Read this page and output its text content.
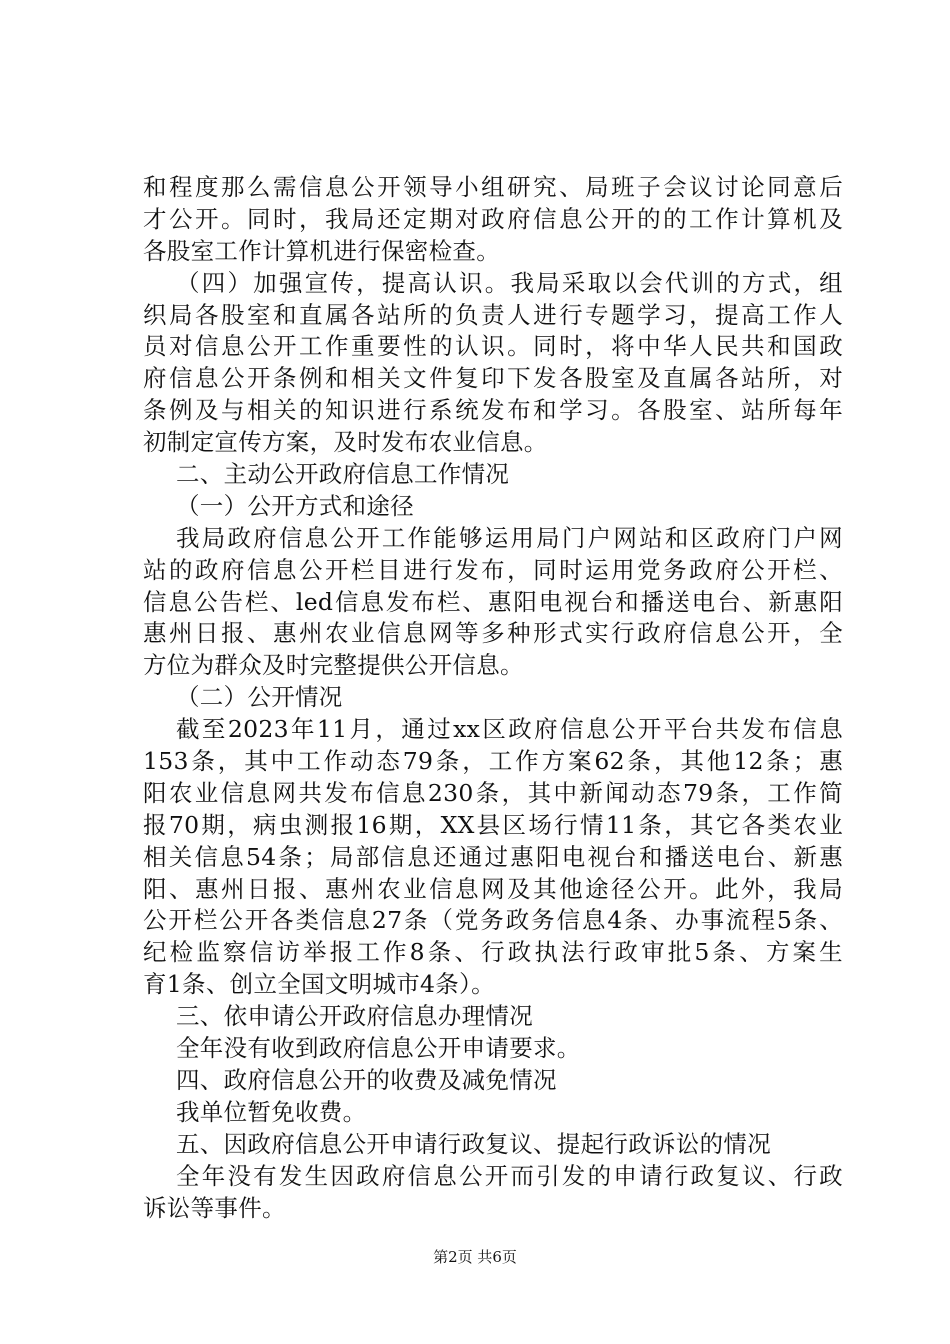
和程度那么需信息公开领导小组研究、局班子会议讨论同意后
才公开。同时，我局还定期对政府信息公开的的工作计算机及
各股室工作计算机进行保密检查。
（四）加强宣传，提高认识。我局采取以会代训的方式，组
织局各股室和直属各站所的负责人进行专题学习，提高工作人
员对信息公开工作重要性的认识。同时，将中华人民共和国政
府信息公开条例和相关文件复印下发各股室及直属各站所，对
条例及与相关的知识进行系统发布和学习。各股室、站所每年
初制定宣传方案，及时发布农业信息。
二、主动公开政府信息工作情况
（一）公开方式和途径
我局政府信息公开工作能够运用局门户网站和区政府门户网
站的政府信息公开栏目进行发布，同时运用党务政府公开栏、
信息公告栏、led信息发布栏、惠阳电视台和播送电台、新惠阳
惠州日报、惠州农业信息网等多种形式实行政府信息公开，全
方位为群众及时完整提供公开信息。
（二）公开情况
截至2023年11月，通过xx区政府信息公开平台共发布信息
153条，其中工作动态79条，工作方案62条，其他12条；惠
阳农业信息网共发布信息230条，其中新闻动态79条，工作简
报70期，病虫测报16期，XX县区场行情11条，其它各类农业
相关信息54条；局部信息还通过惠阳电视台和播送电台、新惠
阳、惠州日报、惠州农业信息网及其他途径公开。此外，我局
公开栏公开各类信息27条（党务政务信息4条、办事流程5条、
纪检监察信访举报工作8条、行政执法行政审批5条、方案生
育1条、创立全国文明城市4条）。
三、依申请公开政府信息办理情况
全年没有收到政府信息公开申请要求。
四、政府信息公开的收费及减免情况
我单位暂免收费。
五、因政府信息公开申请行政复议、提起行政诉讼的情况
全年没有发生因政府信息公开而引发的申请行政复议、行政
诉讼等事件。
第2页 共6页
